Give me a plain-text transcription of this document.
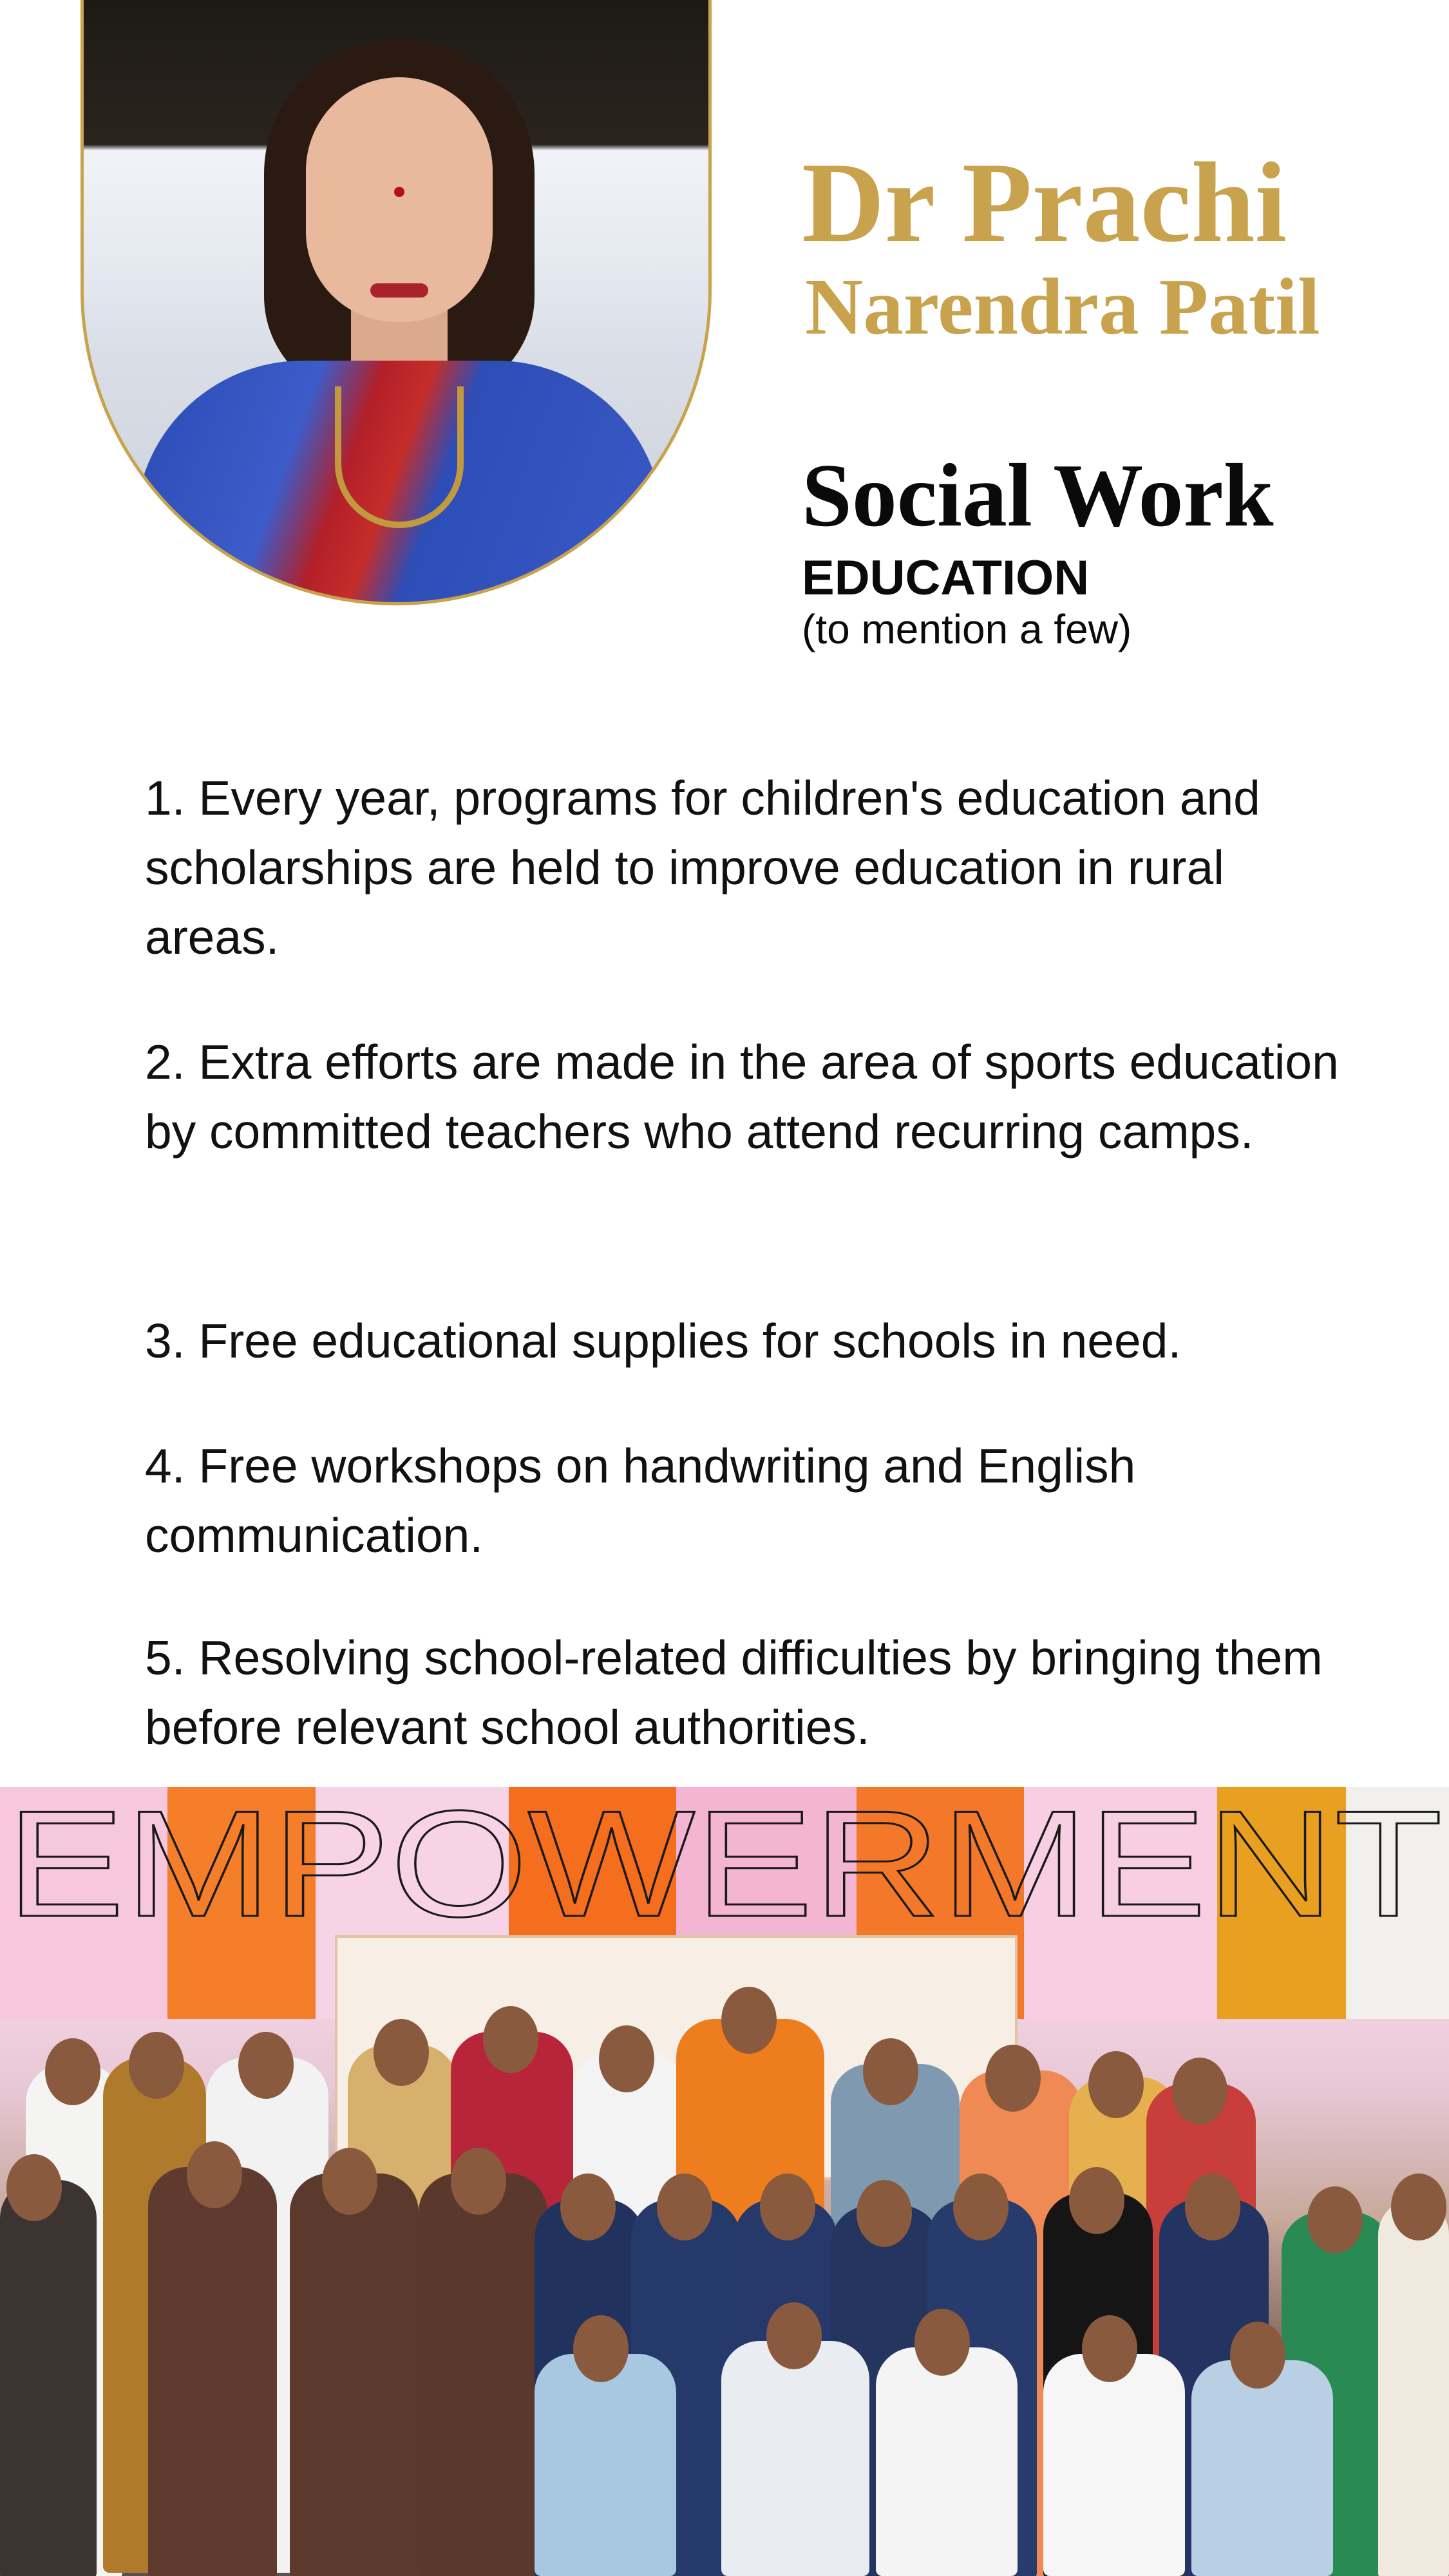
Dr Prachi
Narendra Patil
Social Work
EDUCATION
(to mention a few)

1. Every year, programs for children's education and scholarships are held to improve education in rural areas.

2. Extra efforts are made in the area of sports education by committed teachers who attend recurring camps.

3. Free educational supplies for schools in need.

4. Free workshops on handwriting and English communication.

5. Resolving school-related difficulties by bringing them before relevant school authorities.

EMPOWERMENT
